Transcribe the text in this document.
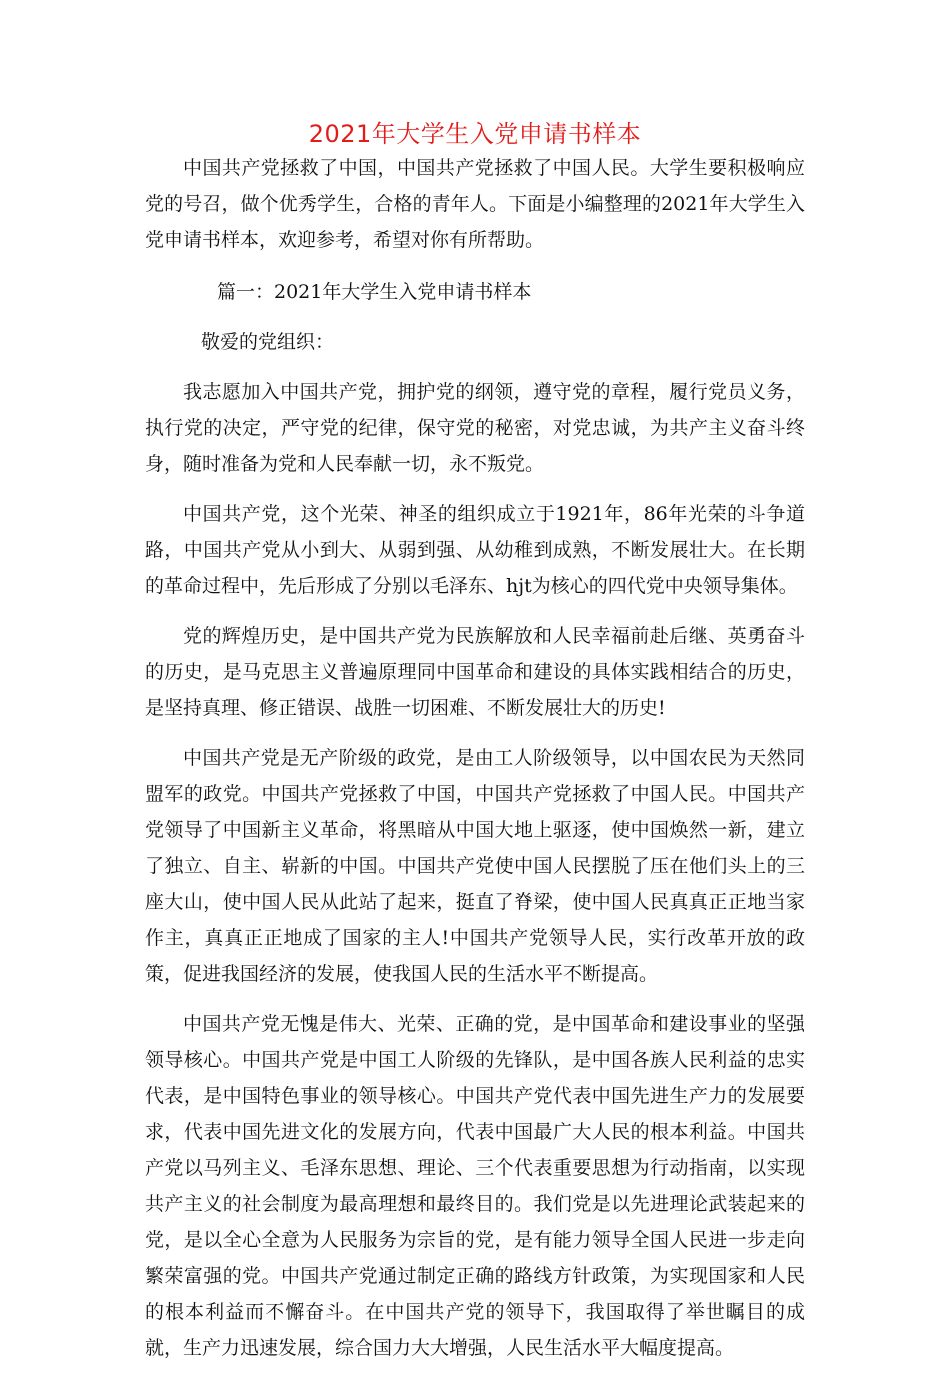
2021年大学生入党申请书样本

中国共产党拯救了中国，中国共产党拯救了中国人民。大学生要积极响应党的号召，做个优秀学生，合格的青年人。下面是小编整理的2021年大学生入党申请书样本，欢迎参考，希望对你有所帮助。

篇一：2021年大学生入党申请书样本

敬爱的党组织：

我志愿加入中国共产党，拥护党的纲领，遵守党的章程，履行党员义务，执行党的决定，严守党的纪律，保守党的秘密，对党忠诚，为共产主义奋斗终身，随时准备为党和人民奉献一切，永不叛党。

中国共产党，这个光荣、神圣的组织成立于1921年，86年光荣的斗争道路，中国共产党从小到大、从弱到强、从幼稚到成熟，不断发展壮大。在长期的革命过程中，先后形成了分别以毛泽东、hjt为核心的四代党中央领导集体。

党的辉煌历史，是中国共产党为民族解放和人民幸福前赴后继、英勇奋斗的历史，是马克思主义普遍原理同中国革命和建设的具体实践相结合的历史，是坚持真理、修正错误、战胜一切困难、不断发展壮大的历史!

中国共产党是无产阶级的政党，是由工人阶级领导，以中国农民为天然同盟军的政党。中国共产党拯救了中国，中国共产党拯救了中国人民。中国共产党领导了中国新主义革命，将黑暗从中国大地上驱逐，使中国焕然一新，建立了独立、自主、崭新的中国。中国共产党使中国人民摆脱了压在他们头上的三座大山，使中国人民从此站了起来，挺直了脊梁，使中国人民真真正正地当家作主，真真正正地成了国家的主人!中国共产党领导人民，实行改革开放的政策，促进我国经济的发展，使我国人民的生活水平不断提高。

中国共产党无愧是伟大、光荣、正确的党，是中国革命和建设事业的坚强领导核心。中国共产党是中国工人阶级的先锋队，是中国各族人民利益的忠实代表，是中国特色事业的领导核心。中国共产党代表中国先进生产力的发展要求，代表中国先进文化的发展方向，代表中国最广大人民的根本利益。中国共产党以马列主义、毛泽东思想、理论、三个代表重要思想为行动指南，以实现共产主义的社会制度为最高理想和最终目的。我们党是以先进理论武装起来的党，是以全心全意为人民服务为宗旨的党，是有能力领导全国人民进一步走向繁荣富强的党。中国共产党通过制定正确的路线方针政策，为实现国家和人民的根本利益而不懈奋斗。在中国共产党的领导下，我国取得了举世瞩目的成就，生产力迅速发展，综合国力大大增强，人民生活水平大幅度提高。
